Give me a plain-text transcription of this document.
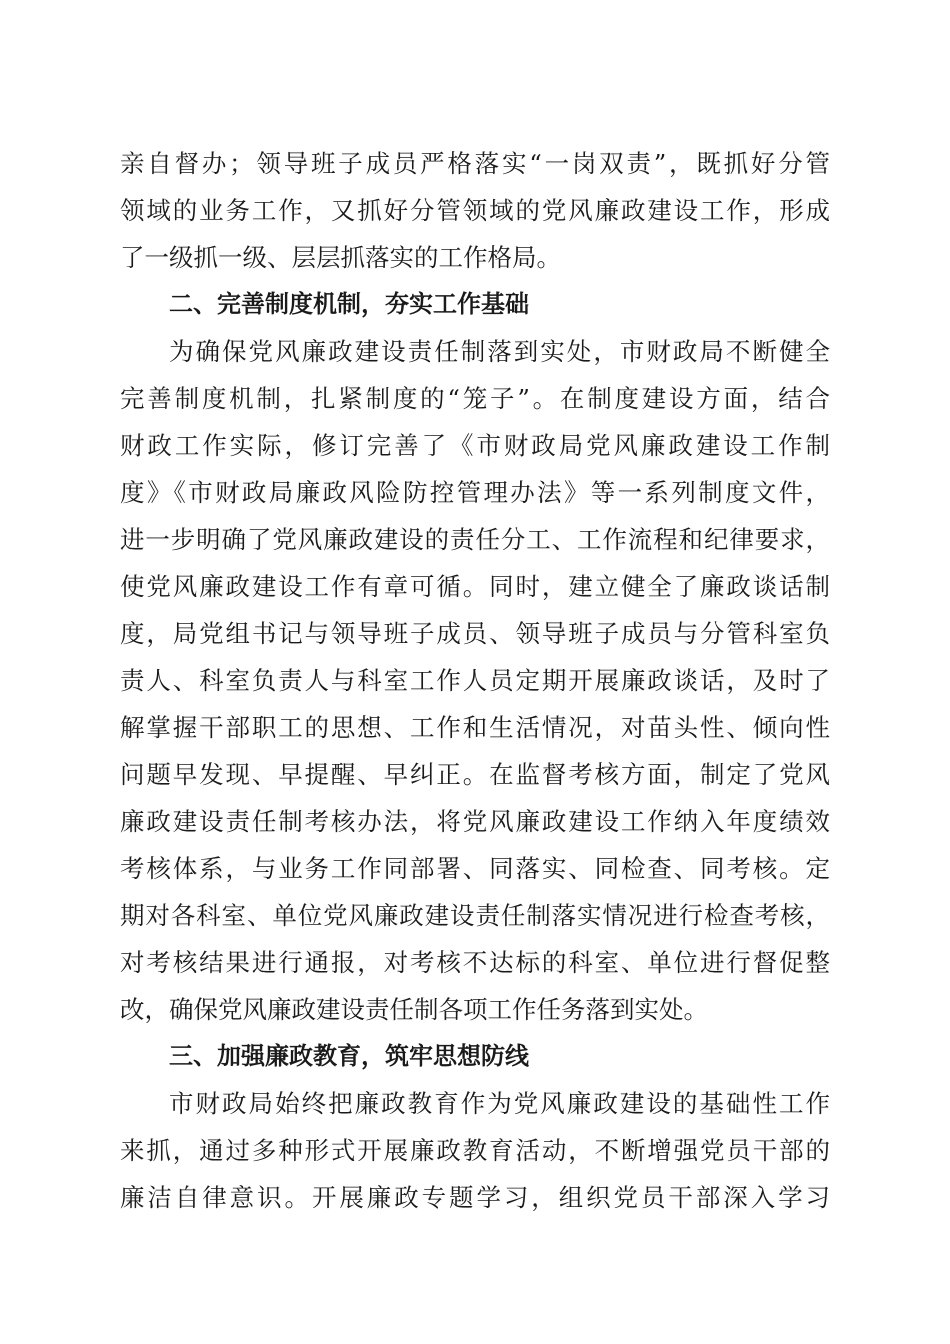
亲自督办；领导班子成员严格落实“一岗双责”，既抓好分管
领域的业务工作，又抓好分管领域的党风廉政建设工作，形成
了一级抓一级、层层抓落实的工作格局。
二、完善制度机制，夯实工作基础
为确保党风廉政建设责任制落到实处，市财政局不断健全
完善制度机制，扎紧制度的“笼子”。在制度建设方面，结合
财政工作实际，修订完善了《市财政局党风廉政建设工作制
度》《市财政局廉政风险防控管理办法》等一系列制度文件，
进一步明确了党风廉政建设的责任分工、工作流程和纪律要求，
使党风廉政建设工作有章可循。同时，建立健全了廉政谈话制
度，局党组书记与领导班子成员、领导班子成员与分管科室负
责人、科室负责人与科室工作人员定期开展廉政谈话，及时了
解掌握干部职工的思想、工作和生活情况，对苗头性、倾向性
问题早发现、早提醒、早纠正。在监督考核方面，制定了党风
廉政建设责任制考核办法，将党风廉政建设工作纳入年度绩效
考核体系，与业务工作同部署、同落实、同检查、同考核。定
期对各科室、单位党风廉政建设责任制落实情况进行检查考核，
对考核结果进行通报，对考核不达标的科室、单位进行督促整
改，确保党风廉政建设责任制各项工作任务落到实处。
三、加强廉政教育，筑牢思想防线
市财政局始终把廉政教育作为党风廉政建设的基础性工作
来抓，通过多种形式开展廉政教育活动，不断增强党员干部的
廉洁自律意识。开展廉政专题学习，组织党员干部深入学习
